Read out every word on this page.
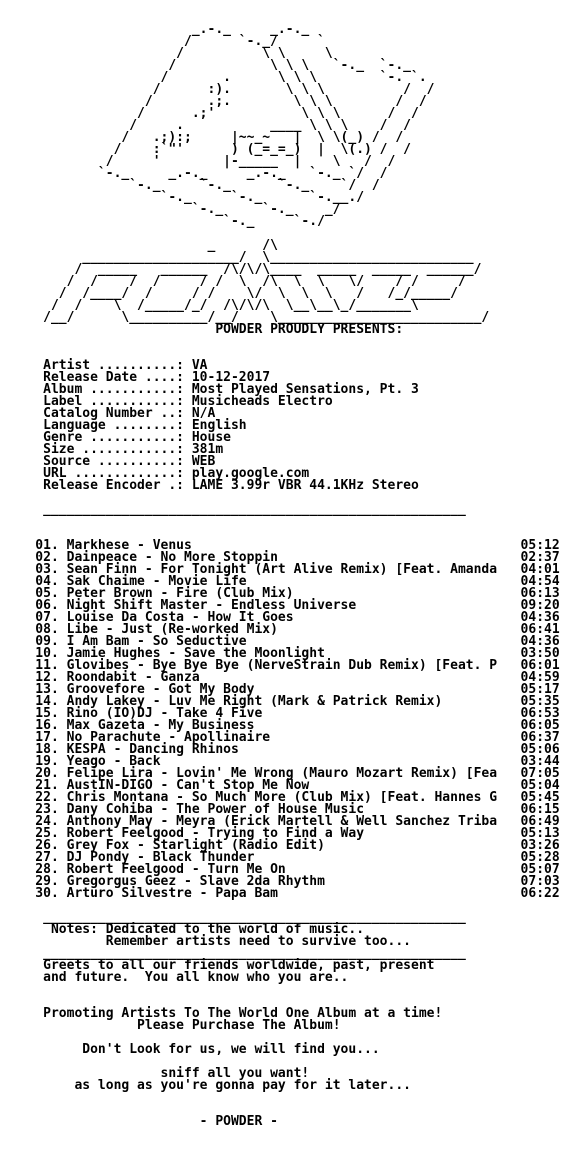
_.-._     _.-._
/      `-._/     `
/          \ \     \
/            \ \ \   `-._  `-._
/       .      \ \ \        `-. `.
/      :).       \ \ \          /  /
/       .;.        \ \ \        /  /
/      .;'           \ \ \      /  /
/     .           ____ \ \ \    /  /
/   .;):;     |~~_~   |  \ \(_) /  /
/    :`"'      ) (_=_=_)  |  \(.) /  /
/     '        |-_____  |    \   /  /
`-._     _.-._     _.-._   `-._ `/  /
`-._     `-._      `-._    `/  /
`-._     `-._      `-.__./
`-._     `-._    _/
`-._     `-./
_      /\
____________________/  \__________________________
/  _____   ______  /\/\/\____  _____  _____  ______/
/  /    /  /     / /  \  /\  \  \   \/    / /     /
/  /____/  /     / /    \/  \  \  \   /   /_/_____/
/  /    \  /_____/_/  /\/\/\  \__\__\_/_______\
/__/      \__________/__/    \__________________________/
POWDER PROUDLY PRESENTS:
Artist ..........: VA
Release Date ....: 10-12-2017
Album ...........: Most Played Sensations, Pt. 3
Label ...........: Musicheads Electro
Catalog Number ..: N/A
Language ........: English
Genre ...........: House
Size ............: 381m
Source ..........: WEB
URL .............: play.google.com
Release Encoder .: LAME 3.99r VBR 44.1KHz Stereo
______________________________________________________
01. Markhese - Venus                                          05:12
02. Dainpeace - No More Stoppin                               02:37
03. Sean Finn - For Tonight (Art Alive Remix) [Feat. Amanda   04:01
04. Sak Chaime - Movie Life                                   04:54
05. Peter Brown - Fire (Club Mix)                             06:13
06. Night Shift Master - Endless Universe                     09:20
07. Louise Da Costa - How It Goes                             04:36
08. Libe - Just (Re-worked Mix)                               06:41
09. I Am Bam - So Seductive                                   04:36
10. Jamie Hughes - Save the Moonlight                         03:50
11. Glovibes - Bye Bye Bye (NerveStrain Dub Remix) [Feat. P   06:01
12. Roondabit - Ganza                                         04:59
13. Groovefore - Got My Body                                  05:17
14. Andy Lakey - Luv Me Right (Mark & Patrick Remix)          05:35
15. Rino (IO)DJ - Take 4 Five                                 06:53
16. Max Gazeta - My Business                                  06:05
17. No Parachute - Apollinaire                                06:37
18. KESPA - Dancing Rhinos                                    05:06
19. Yeago - Back                                              03:44
20. Felipe Lira - Lovin' Me Wrong (Mauro Mozart Remix) [Fea   07:05
21. AustIN-DIGO - Can't Stop Me Now                           05:04
22. Chris Montana - So Much More (Club Mix) [Feat. Hannes G   05:45
23. Dany Cohiba - The Power of House Music                    06:15
24. Anthony May - Meyra (Erick Martell & Well Sanchez Triba   06:49
25. Robert Feelgood - Trying to Find a Way                    05:13
26. Grey Fox - Starlight (Radio Edit)                         03:26
27. DJ Pondy - Black Thunder                                  05:28
28. Robert Feelgood - Turn Me On                              05:07
29. Gregorgus Geez - Slave 2da Rhythm                         07:03
30. Arturo Silvestre - Papa Bam                               06:22
______________________________________________________
Notes: Dedicated to the world of music..
Remember artists need to survive too...
______________________________________________________
Greets to all our friends worldwide, past, present
and future.  You all know who you are..
Promoting Artists To The World One Album at a time!
Please Purchase The Album!
Don't Look for us, we will find you...
sniff all you want!
as long as you're gonna pay for it later...
- POWDER -
